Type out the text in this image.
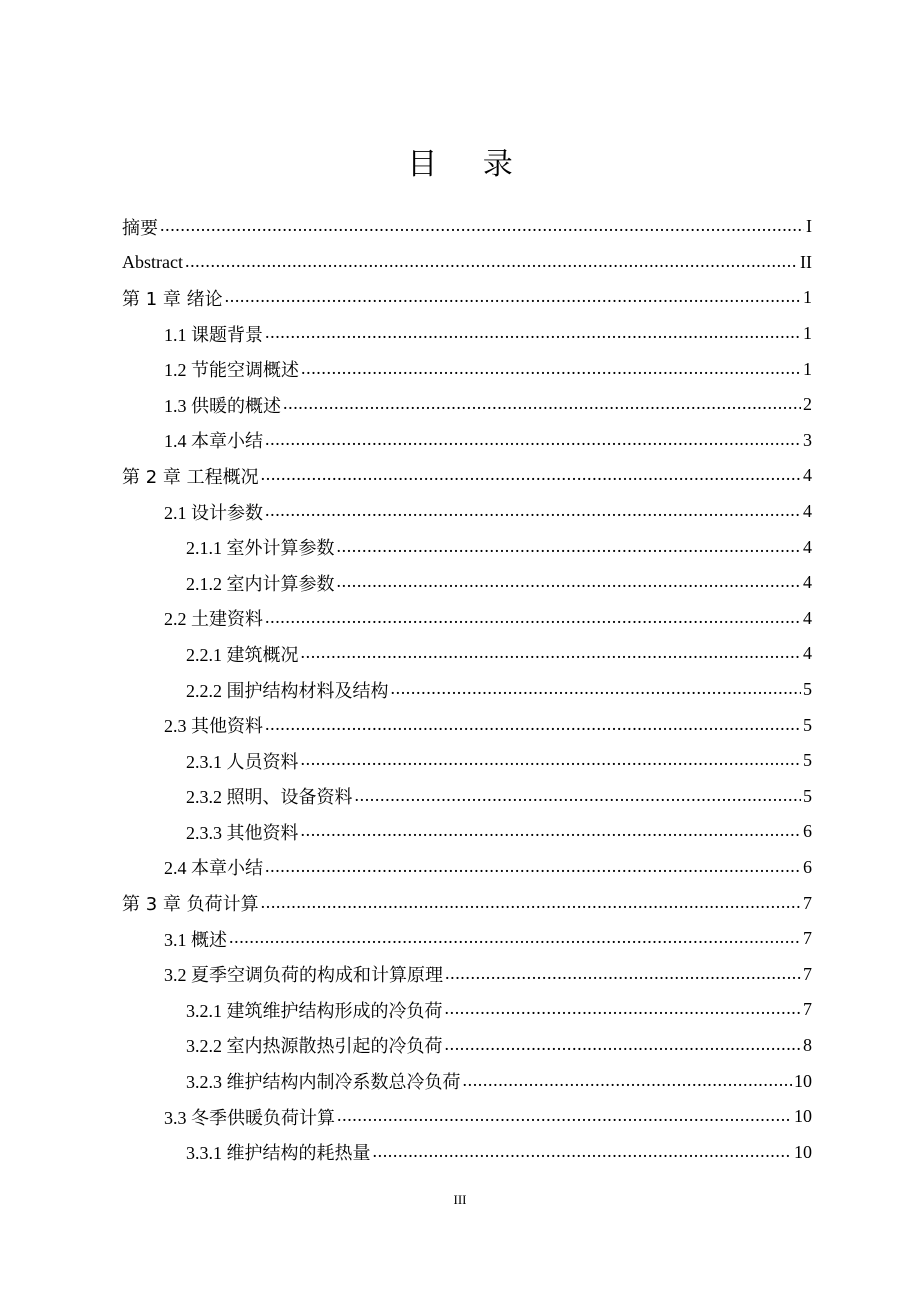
目 录
摘要 .....	I
Abstract .....	II
第 1 章 绪论 .....	1
1.1 课题背景 .....	1
1.2 节能空调概述 .....	1
1.3 供暖的概述 .....	2
1.4 本章小结 .....	3
第 2 章 工程概况 .....	4
2.1 设计参数 .....	4
2.1.1 室外计算参数 .....	4
2.1.2 室内计算参数 .....	4
2.2 土建资料 .....	4
2.2.1 建筑概况 .....	4
2.2.2 围护结构材料及结构 .....	5
2.3 其他资料 .....	5
2.3.1 人员资料 .....	5
2.3.2 照明、设备资料 .....	5
2.3.3 其他资料 .....	6
2.4 本章小结 .....	6
第 3 章 负荷计算 .....	7
3.1 概述 .....	7
3.2 夏季空调负荷的构成和计算原理 .....	7
3.2.1 建筑维护结构形成的冷负荷 .....	7
3.2.2 室内热源散热引起的冷负荷 .....	8
3.2.3 维护结构内制冷系数总冷负荷 .....	10
3.3 冬季供暖负荷计算 .....	10
3.3.1 维护结构的耗热量 .....	10
III
